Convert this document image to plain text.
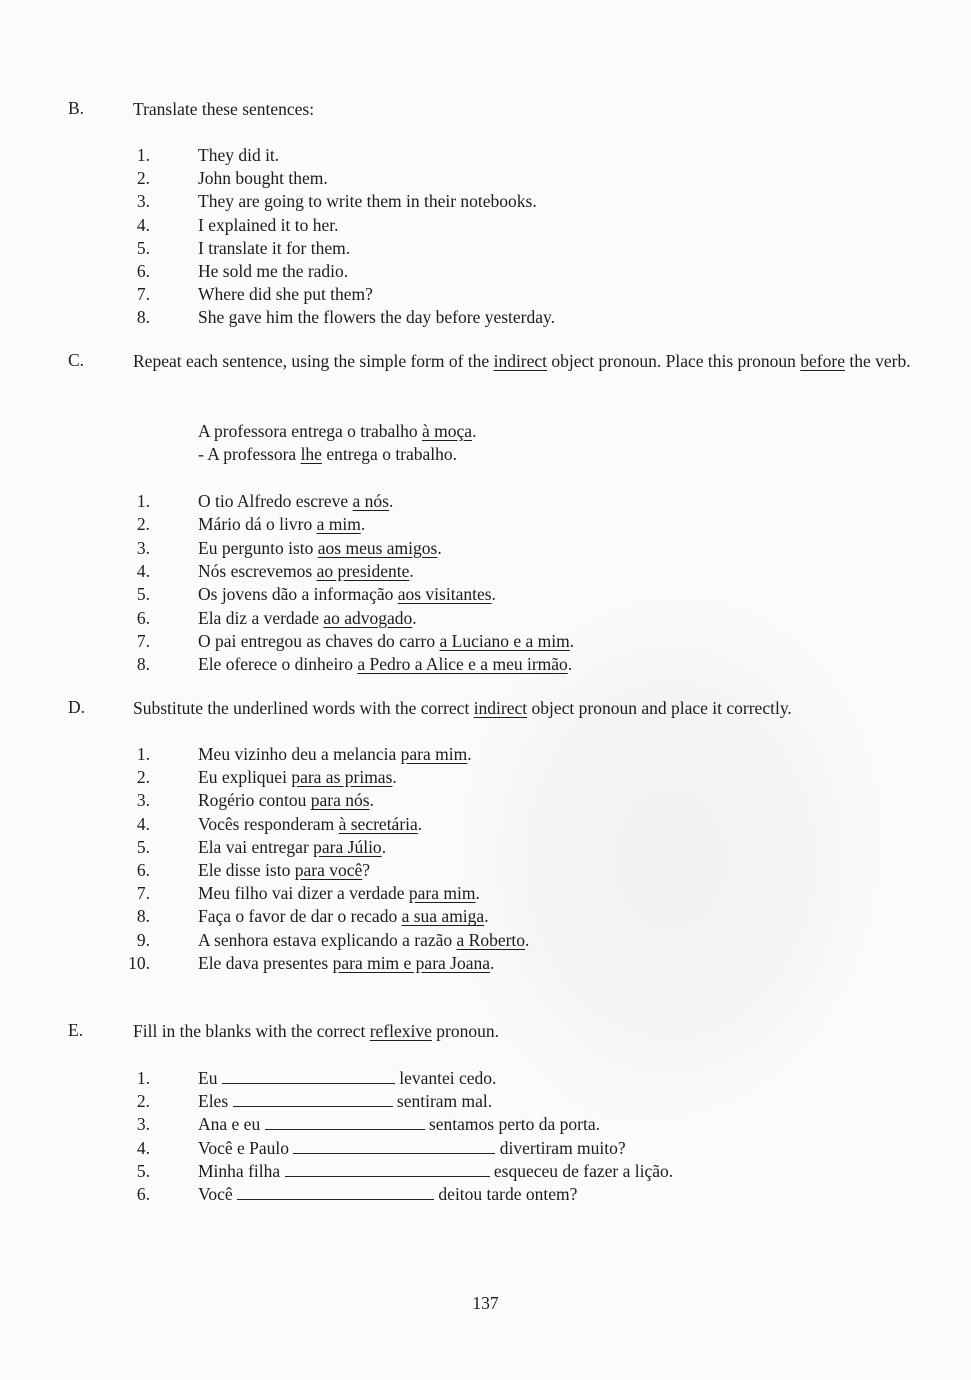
B.	Translate these sentences:
1.	They did it.
2.	John bought them.
3.	They are going to write them in their notebooks.
4.	I explained it to her.
5.	I translate it for them.
6.	He sold me the radio.
7.	Where did she put them?
8.	She gave him the flowers the day before yesterday.
C.	Repeat each sentence, using the simple form of the indirect object pronoun. Place this pronoun before the verb.
A professora entrega o trabalho à moça.
- A professora lhe entrega o trabalho.
1.	O tio Alfredo escreve a nós.
2.	Mário dá o livro a mim.
3.	Eu pergunto isto aos meus amigos.
4.	Nós escrevemos ao presidente.
5.	Os jovens dão a informação aos visitantes.
6.	Ela diz a verdade ao advogado.
7.	O pai entregou as chaves do carro a Luciano e a mim.
8.	Ele oferece o dinheiro a Pedro a Alice e a meu irmão.
D.	Substitute the underlined words with the correct indirect object pronoun and place it correctly.
1.	Meu vizinho deu a melancia para mim.
2.	Eu expliquei para as primas.
3.	Rogério contou para nós.
4.	Vocês responderam à secretária.
5.	Ela vai entregar para Júlio.
6.	Ele disse isto para você?
7.	Meu filho vai dizer a verdade para mim.
8.	Faça o favor de dar o recado a sua amiga.
9.	A senhora estava explicando a razão a Roberto.
10.	Ele dava presentes para mim e para Joana.
E.	Fill in the blanks with the correct reflexive pronoun.
1.	Eu	levantei cedo.
2.	Eles	sentiram mal.
3.	Ana e eu	sentamos perto da porta.
4.	Você e Paulo	divertiram muito?
5.	Minha filha	esqueceu de fazer a lição.
6.	Você	deitou tarde ontem?
137
